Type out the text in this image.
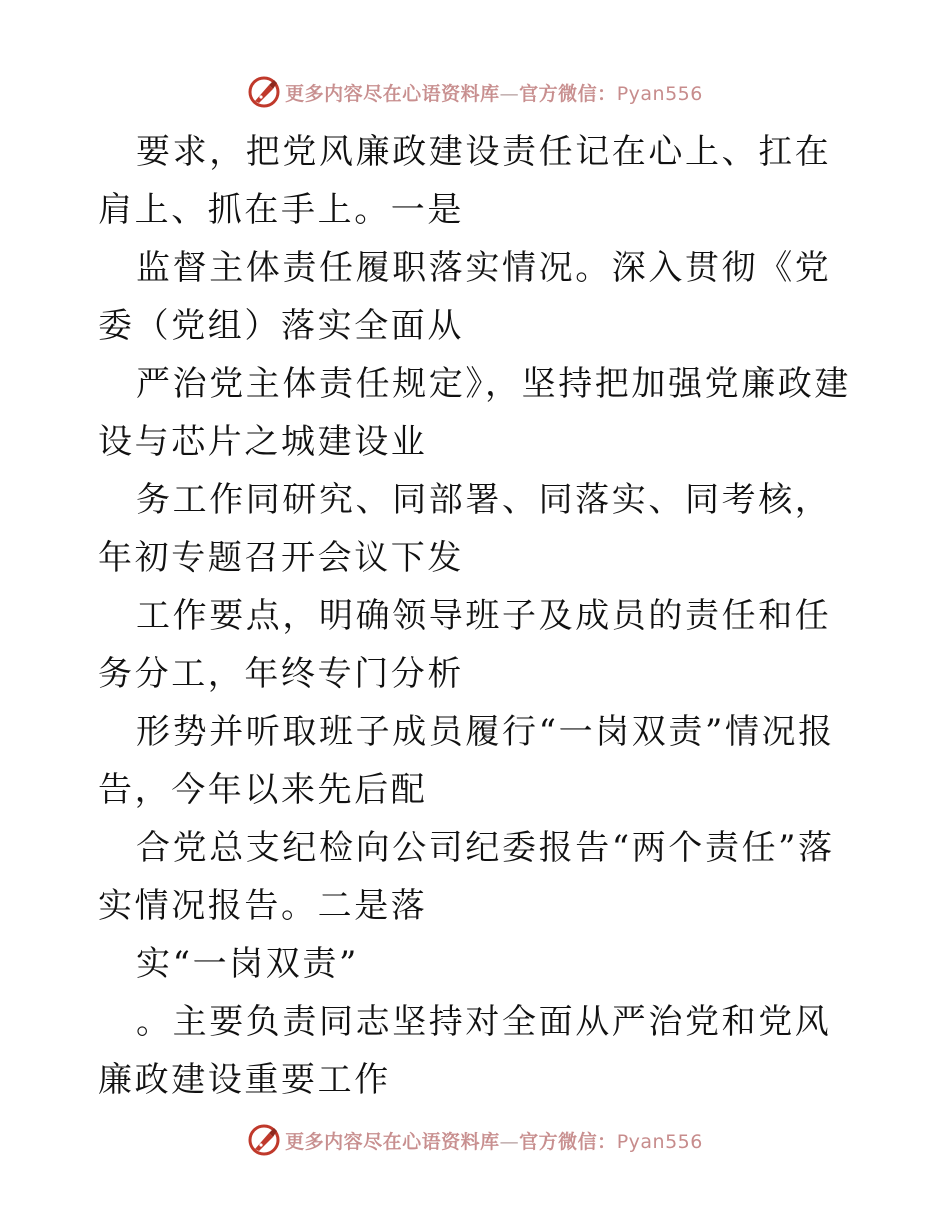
更多内容尽在心语资料库—官方微信：Pyan556

要求，把党风廉政建设责任记在心上、扛在肩上、抓在手上。一是

监督主体责任履职落实情况。深入贯彻《党委（党组）落实全面从

严治党主体责任规定》，坚持把加强党廉政建设与芯片之城建设业

务工作同研究、同部署、同落实、同考核，年初专题召开会议下发

工作要点，明确领导班子及成员的责任和任务分工，年终专门分析

形势并听取班子成员履行“一岗双责”情况报告，今年以来先后配

合党总支纪检向公司纪委报告“两个责任”落实情况报告。二是落

实“一岗双责”

。主要负责同志坚持对全面从严治党和党风廉政建设重要工作

更多内容尽在心语资料库—官方微信：Pyan556
